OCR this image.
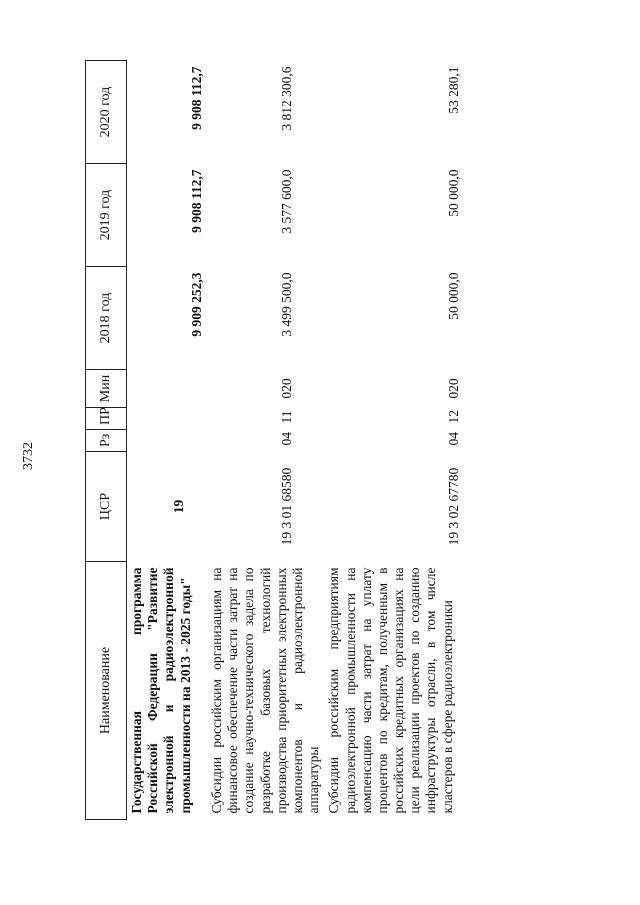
3732
Наименование	ЦСР	Рз	ПР	Мин	2018 год	2019 год	2020 год
Государственная программа Российской Федерации "Развитие электронной и радиоэлектронной промышленности на 2013 - 2025 годы"	19				9 909 252,3	9 908 112,7	9 908 112,7
Субсидии российским организациям на финансовое обеспечение части затрат на создание научно-технического задела по разработке базовых технологий производства приоритетных электронных компонентов и радиоэлектронной аппаратуры	19 3 01 68580	04	11	020	3 499 500,0	3 577 600,0	3 812 300,6
Субсидии российским предприятиям радиоэлектронной промышленности на компенсацию части затрат на уплату процентов по кредитам, полученным в российских кредитных организациях на цели реализации проектов по созданию инфраструктуры отрасли, в том числе кластеров в сфере радиоэлектроники	19 3 02 67780	04	12	020	50 000,0	50 000,0	53 280,1
